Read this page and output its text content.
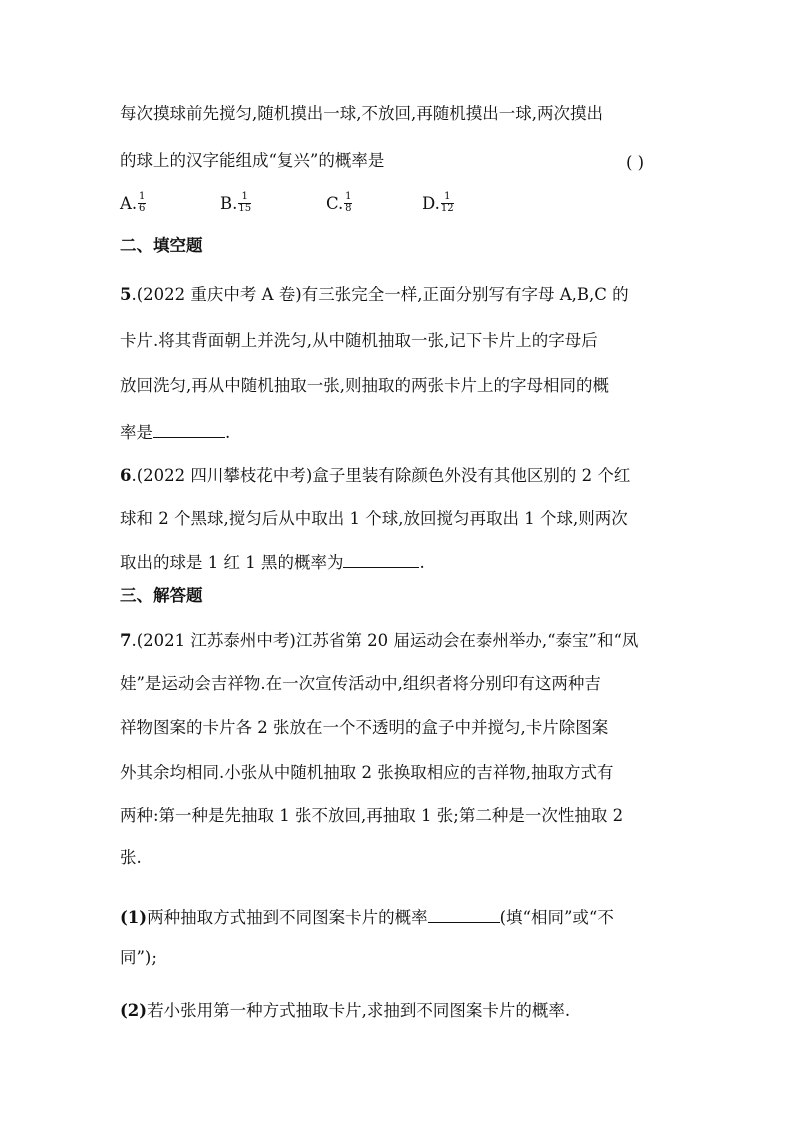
每次摸球前先搅匀,随机摸出一球,不放回,再随机摸出一球,两次摸出
的球上的汉字能组成“复兴”的概率是	( )
A. $\frac{1}{6}$	B. $\frac{1}{15}$	C. $\frac{1}{8}$	D. $\frac{1}{12}$
二、填空题
5.(2022 重庆中考 A 卷)有三张完全一样,正面分别写有字母 A,B,C 的
卡片.将其背面朝上并洗匀,从中随机抽取一张,记下卡片上的字母后
放回洗匀,再从中随机抽取一张,则抽取的两张卡片上的字母相同的概
率是	.
6.(2022 四川攀枝花中考)盒子里装有除颜色外没有其他区别的 2 个红
球和 2 个黑球,搅匀后从中取出 1 个球,放回搅匀再取出 1 个球,则两次
取出的球是 1 红 1 黑的概率为	.
三、解答题
7.(2021 江苏泰州中考)江苏省第 20 届运动会在泰州举办,“泰宝”和“凤
娃”是运动会吉祥物.在一次宣传活动中,组织者将分别印有这两种吉
祥物图案的卡片各 2 张放在一个不透明的盒子中并搅匀,卡片除图案
外其余均相同.小张从中随机抽取 2 张换取相应的吉祥物,抽取方式有
两种:第一种是先抽取 1 张不放回,再抽取 1 张;第二种是一次性抽取 2
张.
(1)两种抽取方式抽到不同图案卡片的概率	(填“相同”或“不
同”);
(2)若小张用第一种方式抽取卡片,求抽到不同图案卡片的概率.
